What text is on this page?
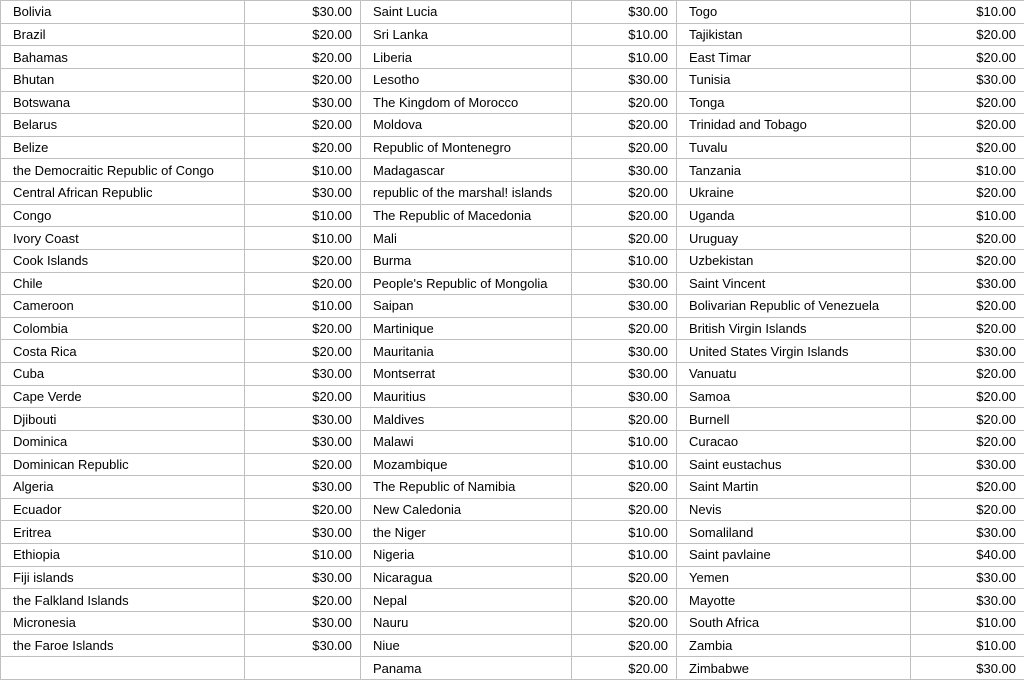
Bolivia	$30.00	Saint Lucia	$30.00	Togo	$10.00
Brazil	$20.00	Sri Lanka	$10.00	Tajikistan	$20.00
Bahamas	$20.00	Liberia	$10.00	East Timar	$20.00
Bhutan	$20.00	Lesotho	$30.00	Tunisia	$30.00
Botswana	$30.00	The Kingdom of Morocco	$20.00	Tonga	$20.00
Belarus	$20.00	Moldova	$20.00	Trinidad and Tobago	$20.00
Belize	$20.00	Republic of Montenegro	$20.00	Tuvalu	$20.00
the Democraitic Republic of Congo	$10.00	Madagascar	$30.00	Tanzania	$10.00
Central African Republic	$30.00	republic of the marshal! islands	$20.00	Ukraine	$20.00
Congo	$10.00	The Republic of Macedonia	$20.00	Uganda	$10.00
Ivory Coast	$10.00	Mali	$20.00	Uruguay	$20.00
Cook Islands	$20.00	Burma	$10.00	Uzbekistan	$20.00
Chile	$20.00	People's Republic of Mongolia	$30.00	Saint Vincent	$30.00
Cameroon	$10.00	Saipan	$30.00	Bolivarian Republic of Venezuela	$20.00
Colombia	$20.00	Martinique	$20.00	British Virgin Islands	$20.00
Costa Rica	$20.00	Mauritania	$30.00	United States Virgin Islands	$30.00
Cuba	$30.00	Montserrat	$30.00	Vanuatu	$20.00
Cape Verde	$20.00	Mauritius	$30.00	Samoa	$20.00
Djibouti	$30.00	Maldives	$20.00	Burnell	$20.00
Dominica	$30.00	Malawi	$10.00	Curacao	$20.00
Dominican Republic	$20.00	Mozambique	$10.00	Saint eustachus	$30.00
Algeria	$30.00	The Republic of Namibia	$20.00	Saint Martin	$20.00
Ecuador	$20.00	New Caledonia	$20.00	Nevis	$20.00
Eritrea	$30.00	the Niger	$10.00	Somaliland	$30.00
Ethiopia	$10.00	Nigeria	$10.00	Saint pavlaine	$40.00
Fiji islands	$30.00	Nicaragua	$20.00	Yemen	$30.00
the Falkland Islands	$20.00	Nepal	$20.00	Mayotte	$30.00
Micronesia	$30.00	Nauru	$20.00	South Africa	$10.00
the Faroe Islands	$30.00	Niue	$20.00	Zambia	$10.00
		Panama	$20.00	Zimbabwe	$30.00
